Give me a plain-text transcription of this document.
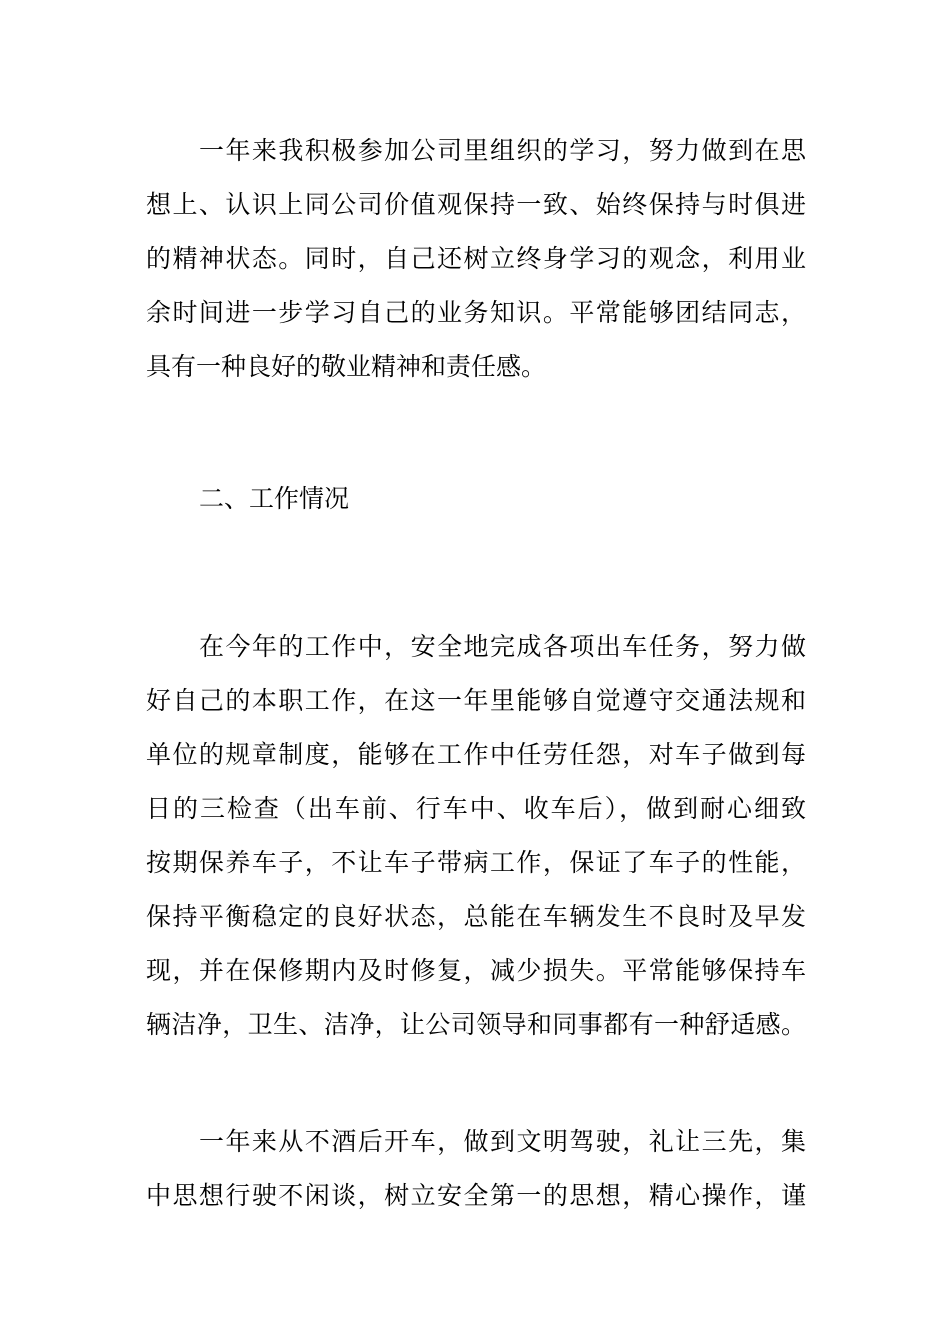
一年来我积极参加公司里组织的学习，努力做到在思
想上、认识上同公司价值观保持一致、始终保持与时俱进
的精神状态。同时，自己还树立终身学习的观念，利用业
余时间进一步学习自己的业务知识。平常能够团结同志，
具有一种良好的敬业精神和责任感。
二、工作情况
在今年的工作中，安全地完成各项出车任务，努力做
好自己的本职工作，在这一年里能够自觉遵守交通法规和
单位的规章制度，能够在工作中任劳任怨，对车子做到每
日的三检查（出车前、行车中、收车后），做到耐心细致
按期保养车子，不让车子带病工作，保证了车子的性能，
保持平衡稳定的良好状态，总能在车辆发生不良时及早发
现，并在保修期内及时修复，减少损失。平常能够保持车
辆洁净，卫生、洁净，让公司领导和同事都有一种舒适感。
一年来从不酒后开车，做到文明驾驶，礼让三先，集
中思想行驶不闲谈，树立安全第一的思想，精心操作，谨
